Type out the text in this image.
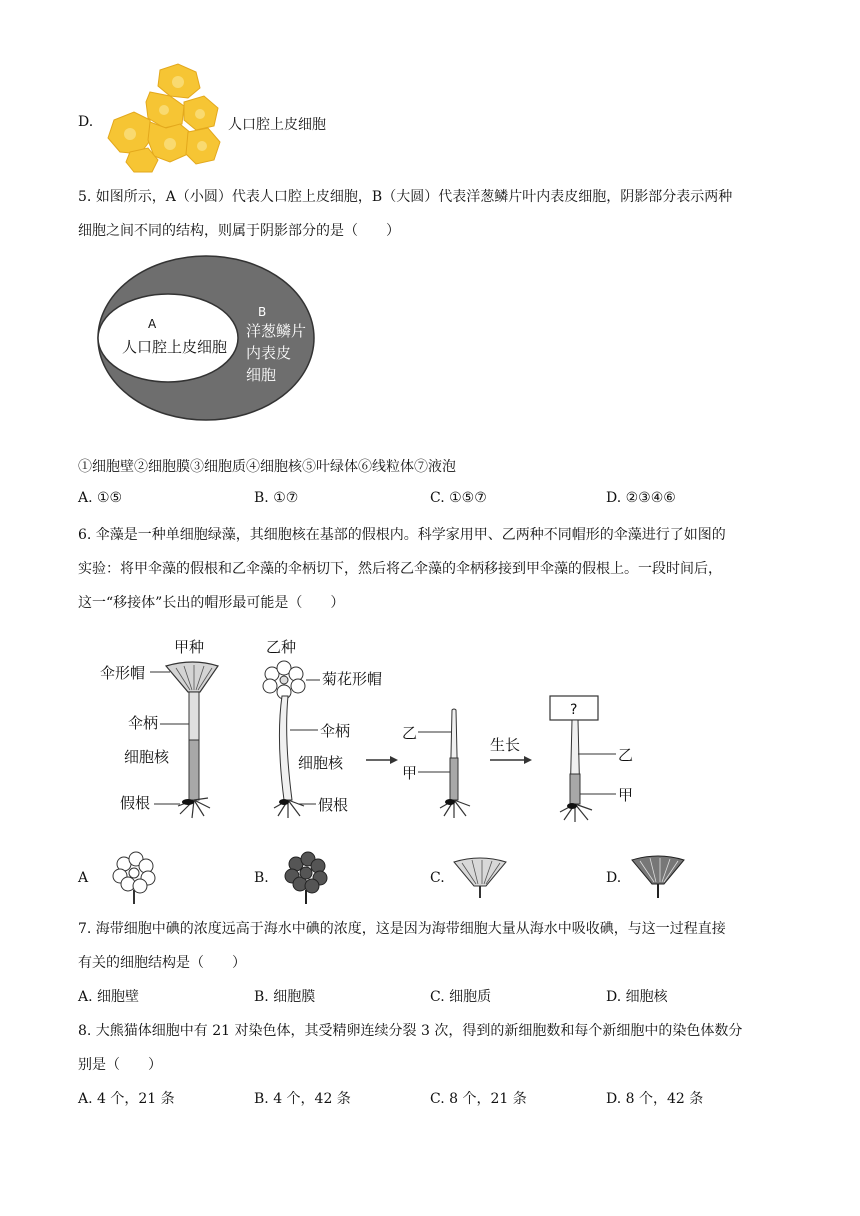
D.	人口腔上皮细胞
5. 如图所示，A（小圆）代表人口腔上皮细胞，B（大圆）代表洋葱鳞片叶内表皮细胞，阴影部分表示两种
细胞之间不同的结构，则属于阴影部分的是（　　）
A
人口腔上皮细胞
B
洋葱鳞片
内表皮
细胞
①细胞壁②细胞膜③细胞质④细胞核⑤叶绿体⑥线粒体⑦液泡
A. ①⑤	B. ①⑦	C. ①⑤⑦	D. ②③④⑥
6. 伞藻是一种单细胞绿藻，其细胞核在基部的假根内。科学家用甲、乙两种不同帽形的伞藻进行了如图的
实验：将甲伞藻的假根和乙伞藻的伞柄切下，然后将乙伞藻的伞柄移接到甲伞藻的假根上。一段时间后，
这一“移接体”长出的帽形最可能是（　　）
甲种
伞形帽
伞柄
细胞核
假根
乙种
菊花形帽
伞柄
细胞核
假根
乙
甲
生长
?
乙
甲
A	B.	C.	D.
7. 海带细胞中碘的浓度远高于海水中碘的浓度，这是因为海带细胞大量从海水中吸收碘，与这一过程直接
有关的细胞结构是（　　）
A. 细胞壁	B. 细胞膜	C. 细胞质	D. 细胞核
8. 大熊猫体细胞中有 21 对染色体，其受精卵连续分裂 3 次，得到的新细胞数和每个新细胞中的染色体数分
别是（　　）
A. 4 个，21 条	B. 4 个，42 条	C. 8 个，21 条	D. 8 个，42 条
